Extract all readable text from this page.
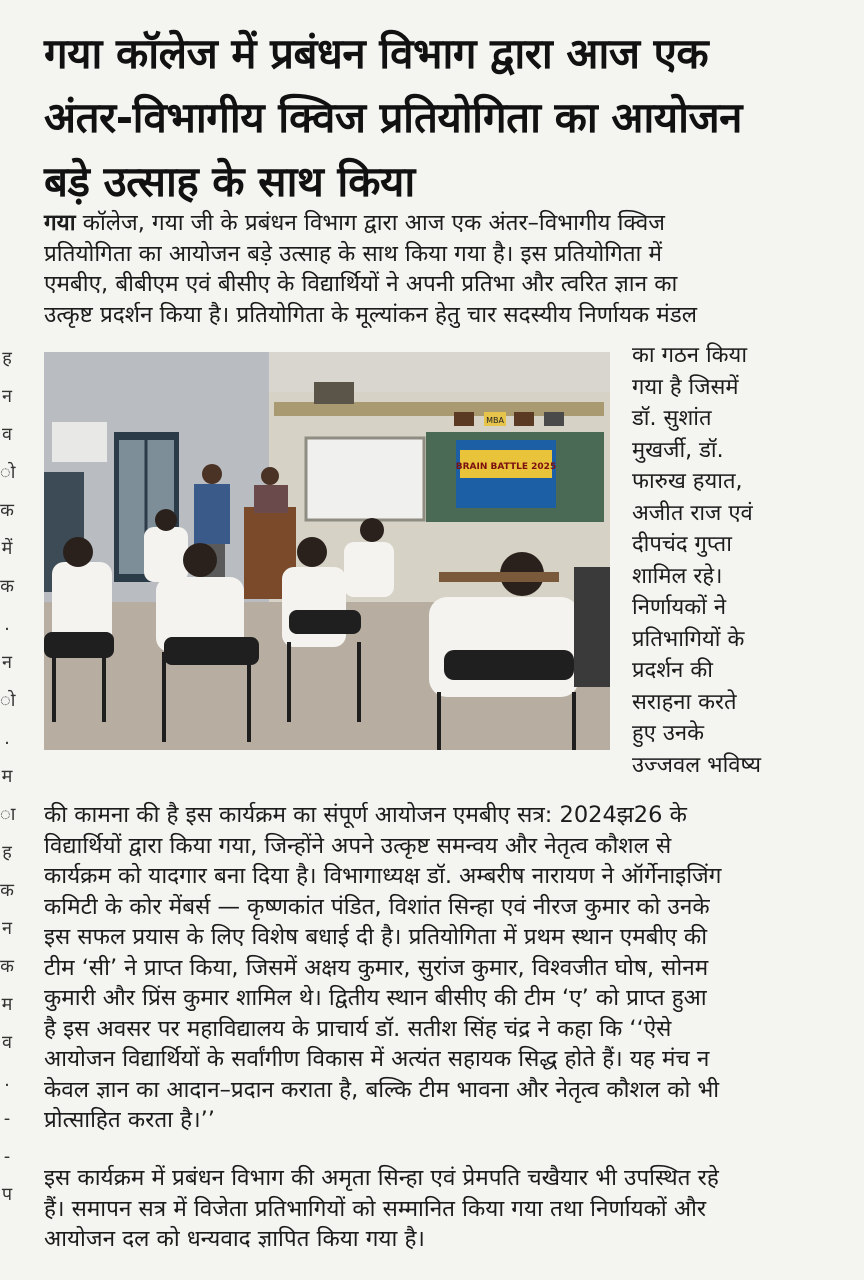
ह
न
व
ो
क
में
क
.
न
ो
.
म
ा
ह
क
न
क
म
व
.
-
-
प
गया कॉलेज में प्रबंधन विभाग द्वारा आज एक
अंतर-विभागीय क्विज प्रतियोगिता का आयोजन
बड़े उत्साह के साथ किया
गया कॉलेज, गया जी के प्रबंधन विभाग द्वारा आज एक अंतर–विभागीय क्विज
प्रतियोगिता का आयोजन बड़े उत्साह के साथ किया गया है। इस प्रतियोगिता में
एमबीए, बीबीएम एवं बीसीए के विद्यार्थियों ने अपनी प्रतिभा और त्वरित ज्ञान का
उत्कृष्ट प्रदर्शन किया है। प्रतियोगिता के मूल्यांकन हेतु चार सदस्यीय निर्णायक मंडल
BRAIN BATTLE 2025
MBA
का गठन किया
गया है जिसमें
डॉ. सुशांत
मुखर्जी, डॉ.
फारुख हयात,
अजीत राज एवं
दीपचंद गुप्ता
शामिल रहे।
निर्णायकों ने
प्रतिभागियों के
प्रदर्शन की
सराहना करते
हुए उनके
उज्जवल भविष्य
की कामना की है इस कार्यक्रम का संपूर्ण आयोजन एमबीए सत्र: 2024झ26 के
विद्यार्थियों द्वारा किया गया, जिन्होंने अपने उत्कृष्ट समन्वय और नेतृत्व कौशल से
कार्यक्रम को यादगार बना दिया है। विभागाध्यक्ष डॉ. अम्बरीष नारायण ने ऑर्गेनाइजिंग
कमिटी के कोर मेंबर्स — कृष्णकांत पंडित, विशांत सिन्हा एवं नीरज कुमार को उनके
इस सफल प्रयास के लिए विशेष बधाई दी है। प्रतियोगिता में प्रथम स्थान एमबीए की
टीम ‘सी’ ने प्राप्त किया, जिसमें अक्षय कुमार, सुरांज कुमार, विश्वजीत घोष, सोनम
कुमारी और प्रिंस कुमार शामिल थे। द्वितीय स्थान बीसीए की टीम ‘ए’ को प्राप्त हुआ
है इस अवसर पर महाविद्यालय के प्राचार्य डॉ. सतीश सिंह चंद्र ने कहा कि ‘‘ऐसे
आयोजन विद्यार्थियों के सर्वांगीण विकास में अत्यंत सहायक सिद्ध होते हैं। यह मंच न
केवल ज्ञान का आदान–प्रदान कराता है, बल्कि टीम भावना और नेतृत्व कौशल को भी
प्रोत्साहित करता है।’’
इस कार्यक्रम में प्रबंधन विभाग की अमृता सिन्हा एवं प्रेमपति चखैयार भी उपस्थित रहे
हैं। समापन सत्र में विजेता प्रतिभागियों को सम्मानित किया गया तथा निर्णायकों और
आयोजन दल को धन्यवाद ज्ञापित किया गया है।
